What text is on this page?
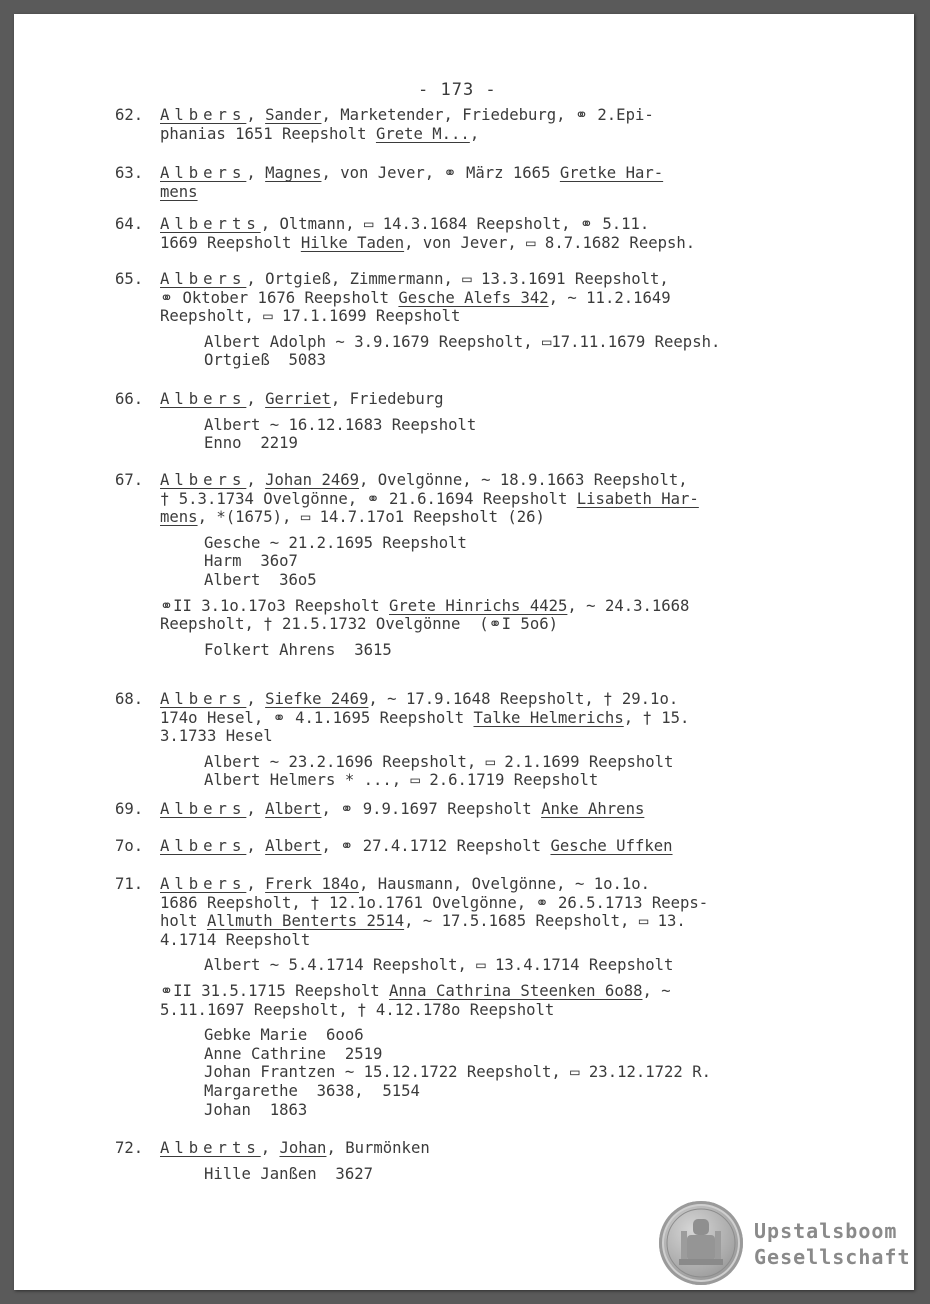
- 173 -
62. Albers, Sander, Marketender, Friedeburg, ⚭ 2.Epi-
phanias 1651 Reepsholt Grete M...,
63. Albers, Magnes, von Jever, ⚭ März 1665 Gretke Har-
mens
64. Alberts, Oltmann, ▭ 14.3.1684 Reepsholt, ⚭ 5.11.
1669 Reepsholt Hilke Taden, von Jever, ▭ 8.7.1682 Reepsh.
65. Albers, Ortgieß, Zimmermann, ▭ 13.3.1691 Reepsholt,
⚭ Oktober 1676 Reepsholt Gesche Alefs 342, ~ 11.2.1649
Reepsholt, ▭ 17.1.1699 Reepsholt
Albert Adolph ~ 3.9.1679 Reepsholt, ▭17.11.1679 Reepsh.
Ortgieß  5083
66. Albers, Gerriet, Friedeburg
Albert ~ 16.12.1683 Reepsholt
Enno  2219
67. Albers, Johan 2469, Ovelgönne, ~ 18.9.1663 Reepsholt,
† 5.3.1734 Ovelgönne, ⚭ 21.6.1694 Reepsholt Lisabeth Har-
mens, *(1675), ▭ 14.7.17o1 Reepsholt (26)
Gesche ~ 21.2.1695 Reepsholt
Harm  36o7
Albert  36o5
⚭II 3.1o.17o3 Reepsholt Grete Hinrichs 4425, ~ 24.3.1668
Reepsholt, † 21.5.1732 Ovelgönne  (⚭I 5o6)
Folkert Ahrens  3615
68. Albers, Siefke 2469, ~ 17.9.1648 Reepsholt, † 29.1o.
174o Hesel, ⚭ 4.1.1695 Reepsholt Talke Helmerichs, † 15.
3.1733 Hesel
Albert ~ 23.2.1696 Reepsholt, ▭ 2.1.1699 Reepsholt
Albert Helmers * ..., ▭ 2.6.1719 Reepsholt
69. Albers, Albert, ⚭ 9.9.1697 Reepsholt Anke Ahrens
7o. Albers, Albert, ⚭ 27.4.1712 Reepsholt Gesche Uffken
71. Albers, Frerk 184o, Hausmann, Ovelgönne, ~ 1o.1o.
1686 Reepsholt, † 12.1o.1761 Ovelgönne, ⚭ 26.5.1713 Reeps-
holt Allmuth Benterts 2514, ~ 17.5.1685 Reepsholt, ▭ 13.
4.1714 Reepsholt
Albert ~ 5.4.1714 Reepsholt, ▭ 13.4.1714 Reepsholt
⚭II 31.5.1715 Reepsholt Anna Cathrina Steenken 6o88, ~
5.11.1697 Reepsholt, † 4.12.178o Reepsholt
Gebke Marie  6oo6
Anne Cathrine  2519
Johan Frantzen ~ 15.12.1722 Reepsholt, ▭ 23.12.1722 R.
Margarethe  3638,  5154
Johan  1863
72. Alberts, Johan, Burmönken
Hille Janßen  3627
Upstalsboom
Gesellschaft
